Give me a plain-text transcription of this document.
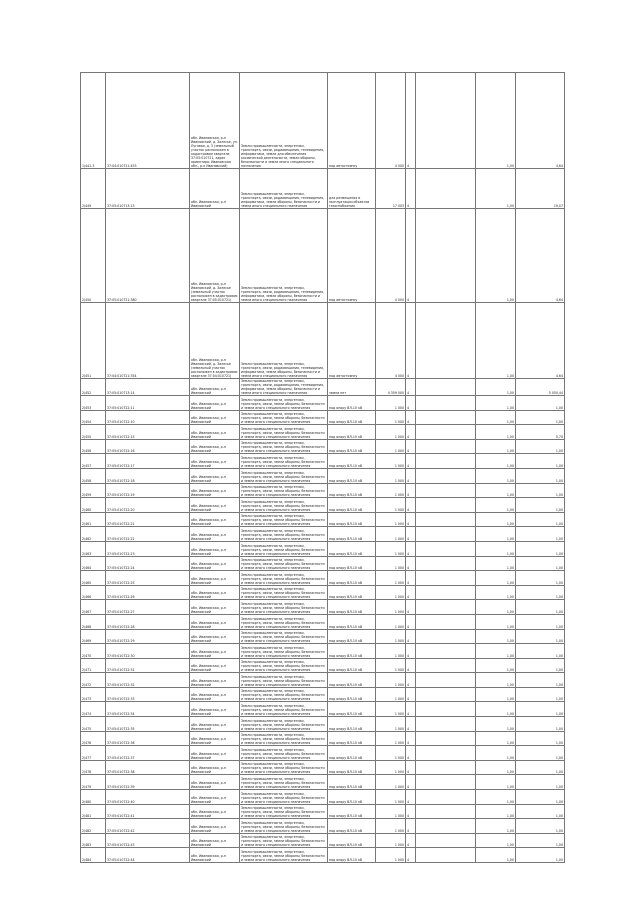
1/441-3	37:04:010721:453	обл. Ивановская, р-н Ивановский, д. Залесье, ул. Луговая, д. 3 (земельный участок расположен в кадастровом квартале 37:05:010721, адрес ориентира: Ивановская обл., р-н Ивановский)	Земли промышленности, энергетики, транспорта, связи, радиовещания, телевидения, информатики, земли для обеспечения космической деятельности, земли обороны, безопасности и земли иного специального назначения	под автостоянку	4 000	4		1,00	4,64
2/449	37:05:010713:13	обл. Ивановская, р-н Ивановский	Земли промышленности, энергетики, транспорта, связи, радиовещания, телевидения, информатики, земли обороны, безопасности и земли иного специального назначения	для размещения и эксплуатации объектов газоснабжения	17 003	4		1,00	19,07
2/450	37:05:010721:380	обл. Ивановская, р-н Ивановский, д. Залесье (земельный участок расположен в кадастровом квартале 37:05:010721)	Земли промышленности, энергетики, транспорта, связи, радиовещания, телевидения, информатики, земли обороны, безопасности и земли иного специального назначения	под автостоянку	4 000	4		1,00	4,64
2/451	37:04:010721:354	обл. Ивановская, р-н Ивановский, д. Залесье (земельный участок расположен в кадастровом квартале 37:04:010721)	Земли промышленности, энергетики, транспорта, связи, радиовещания, телевидения, информатики, земли обороны, безопасности и земли иного специального назначения	под автостоянку	4 000	4		1,00	4,64
2/452	37:05:010713:14	обл. Ивановская, р-н Ивановский	Земли промышленности, энергетики, транспорта, связи, радиовещания, телевидения, информатики, земли обороны, безопасности и земли иного специального назначения	земли нет	4 359 000	4		1,00	5 050,44
2/453	37:05:010722:11	обл. Ивановская, р-н Ивановский	Земли промышленности, энергетики, транспорта, связи, земли обороны, безопасности и земли иного специального назначения	под опору ВЛ-10 кВ	1 000	4		1,00	1,00
2/454	37:05:010722:10	обл. Ивановская, р-н Ивановский	Земли промышленности, энергетики, транспорта, связи, земли обороны, безопасности и земли иного специального назначения	под опору ВЛ-10 кВ	1 000	4		1,00	1,00
2/455	37:05:010722:15	обл. Ивановская, р-н Ивановский	Земли промышленности, энергетики, транспорта, связи, земли обороны, безопасности и земли иного специального назначения	под опору ВЛ-10 кВ	1 000	4		1,00	5,70
2/456	37:05:010722:16	обл. Ивановская, р-н Ивановский	Земли промышленности, энергетики, транспорта, связи, земли обороны, безопасности и земли иного специального назначения	под опору ВЛ-10 кВ	1 000	4		1,00	1,00
2/457	37:05:010722:17	обл. Ивановская, р-н Ивановский	Земли промышленности, энергетики, транспорта, связи, земли обороны, безопасности и земли иного специального назначения	под опору ВЛ-10 кВ	1 000	4		1,00	1,00
2/458	37:05:010722:18	обл. Ивановская, р-н Ивановский	Земли промышленности, энергетики, транспорта, связи, земли обороны, безопасности и земли иного специального назначения	под опору ВЛ-10 кВ	1 000	4		1,00	1,00
2/459	37:05:010722:19	обл. Ивановская, р-н Ивановский	Земли промышленности, энергетики, транспорта, связи, земли обороны, безопасности и земли иного специального назначения	под опору ВЛ-10 кВ	1 000	4		1,00	1,00
2/460	37:05:010722:20	обл. Ивановская, р-н Ивановский	Земли промышленности, энергетики, транспорта, связи, земли обороны, безопасности и земли иного специального назначения	под опору ВЛ-10 кВ	1 000	4		1,00	1,00
2/461	37:05:010722:21	обл. Ивановская, р-н Ивановский	Земли промышленности, энергетики, транспорта, связи, земли обороны, безопасности и земли иного специального назначения	под опору ВЛ-10 кВ	1 000	4		1,00	1,00
2/462	37:05:010722:22	обл. Ивановская, р-н Ивановский	Земли промышленности, энергетики, транспорта, связи, земли обороны, безопасности и земли иного специального назначения	под опору ВЛ-10 кВ	1 000	4		1,00	1,00
2/463	37:05:010722:23	обл. Ивановская, р-н Ивановский	Земли промышленности, энергетики, транспорта, связи, земли обороны, безопасности и земли иного специального назначения	под опору ВЛ-10 кВ	1 000	4		1,00	1,00
2/464	37:05:010722:24	обл. Ивановская, р-н Ивановский	Земли промышленности, энергетики, транспорта, связи, земли обороны, безопасности и земли иного специального назначения	под опору ВЛ-10 кВ	1 000	4		1,00	1,00
2/465	37:05:010722:25	обл. Ивановская, р-н Ивановский	Земли промышленности, энергетики, транспорта, связи, земли обороны, безопасности и земли иного специального назначения	под опору ВЛ-10 кВ	1 000	4		1,00	1,00
2/466	37:05:010722:26	обл. Ивановская, р-н Ивановский	Земли промышленности, энергетики, транспорта, связи, земли обороны, безопасности и земли иного специального назначения	под опору ВЛ-10 кВ	1 000	4		1,00	1,00
2/467	37:05:010722:27	обл. Ивановская, р-н Ивановский	Земли промышленности, энергетики, транспорта, связи, земли обороны, безопасности и земли иного специального назначения	под опору ВЛ-10 кВ	1 000	4		1,00	1,00
2/468	37:05:010722:28	обл. Ивановская, р-н Ивановский	Земли промышленности, энергетики, транспорта, связи, земли обороны, безопасности и земли иного специального назначения	под опору ВЛ-10 кВ	1 000	4		1,00	1,00
2/469	37:05:010722:29	обл. Ивановская, р-н Ивановский	Земли промышленности, энергетики, транспорта, связи, земли обороны, безопасности и земли иного специального назначения	под опору ВЛ-10 кВ	1 000	4		1,00	1,00
2/470	37:05:010722:30	обл. Ивановская, р-н Ивановский	Земли промышленности, энергетики, транспорта, связи, земли обороны, безопасности и земли иного специального назначения	под опору ВЛ-10 кВ	1 000	4		1,00	1,00
2/471	37:05:010722:31	обл. Ивановская, р-н Ивановский	Земли промышленности, энергетики, транспорта, связи, земли обороны, безопасности и земли иного специального назначения	под опору ВЛ-10 кВ	1 000	4		1,00	1,00
2/472	37:05:010722:32	обл. Ивановская, р-н Ивановский	Земли промышленности, энергетики, транспорта, связи, земли обороны, безопасности и земли иного специального назначения	под опору ВЛ-10 кВ	1 000	4		1,00	1,00
2/473	37:05:010722:33	обл. Ивановская, р-н Ивановский	Земли промышленности, энергетики, транспорта, связи, земли обороны, безопасности и земли иного специального назначения	под опору ВЛ-10 кВ	1 000	4		1,00	1,00
2/474	37:05:010722:34	обл. Ивановская, р-н Ивановский	Земли промышленности, энергетики, транспорта, связи, земли обороны, безопасности и земли иного специального назначения	под опору ВЛ-10 кВ	1 000	4		1,00	1,00
2/475	37:05:010722:35	обл. Ивановская, р-н Ивановский	Земли промышленности, энергетики, транспорта, связи, земли обороны, безопасности и земли иного специального назначения	под опору ВЛ-10 кВ	1 000	4		1,00	1,00
2/476	37:05:010722:36	обл. Ивановская, р-н Ивановский	Земли промышленности, энергетики, транспорта, связи, земли обороны, безопасности и земли иного специального назначения	под опору ВЛ-10 кВ	1 000	4		1,00	1,00
2/477	37:05:010722:37	обл. Ивановская, р-н Ивановский	Земли промышленности, энергетики, транспорта, связи, земли обороны, безопасности и земли иного специального назначения	под опору ВЛ-10 кВ	1 000	4		1,00	1,00
2/478	37:05:010722:38	обл. Ивановская, р-н Ивановский	Земли промышленности, энергетики, транспорта, связи, земли обороны, безопасности и земли иного специального назначения	под опору ВЛ-10 кВ	1 000	4		1,00	1,00
2/479	37:05:010722:39	обл. Ивановская, р-н Ивановский	Земли промышленности, энергетики, транспорта, связи, земли обороны, безопасности и земли иного специального назначения	под опору ВЛ-10 кВ	1 000	4		1,00	1,00
2/480	37:05:010722:40	обл. Ивановская, р-н Ивановский	Земли промышленности, энергетики, транспорта, связи, земли обороны, безопасности и земли иного специального назначения	под опору ВЛ-10 кВ	1 000	4		1,00	1,00
2/481	37:05:010722:41	обл. Ивановская, р-н Ивановский	Земли промышленности, энергетики, транспорта, связи, земли обороны, безопасности и земли иного специального назначения	под опору ВЛ-10 кВ	1 000	4		1,00	1,00
2/482	37:05:010722:42	обл. Ивановская, р-н Ивановский	Земли промышленности, энергетики, транспорта, связи, земли обороны, безопасности и земли иного специального назначения	под опору ВЛ-10 кВ	1 000	4		1,00	1,00
2/483	37:05:010722:43	обл. Ивановская, р-н Ивановский	Земли промышленности, энергетики, транспорта, связи, земли обороны, безопасности и земли иного специального назначения	под опору ВЛ-10 кВ	1 000	4		1,00	1,00
2/484	37:05:010722:44	обл. Ивановская, р-н Ивановский	Земли промышленности, энергетики, транспорта, связи, земли обороны, безопасности и земли иного специального назначения	под опору ВЛ-10 кВ	1 000	4		1,00	1,00
